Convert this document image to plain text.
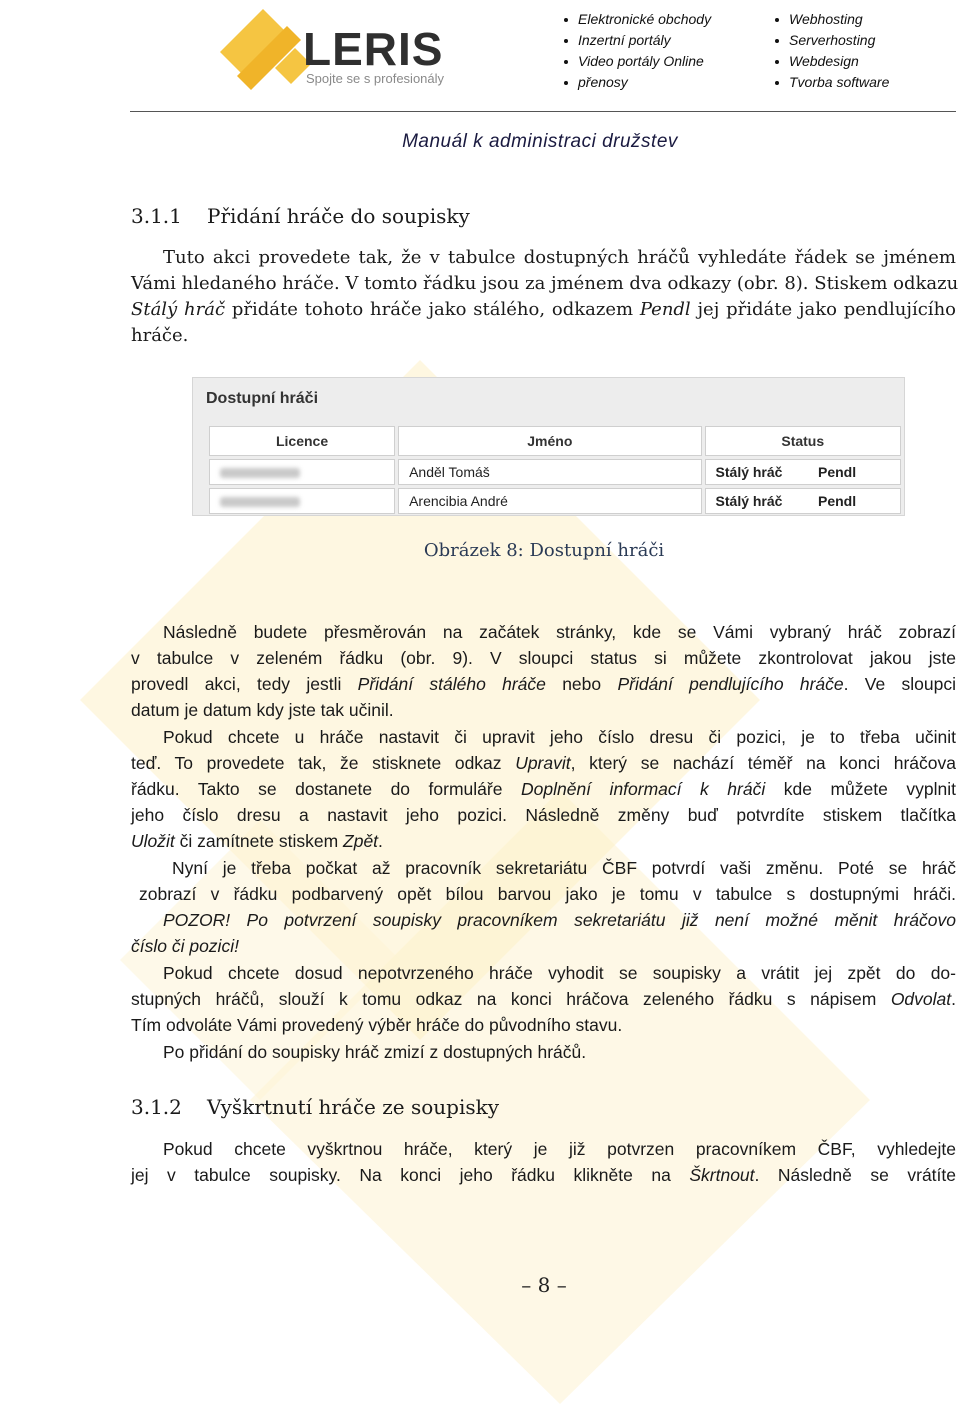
LERIS
Spojte se s profesionály
Elektronické obchody
Inzertní portály
Video portály Online
přenosy
Webhosting
Serverhosting
Webdesign
Tvorba software
Manuál k administraci družstev
3.1.1 Přidání hráče do soupisky
Tuto akci provedete tak, že v tabulce dostupných hráčů vyhledáte řádek se jménem
Vámi hledaného hráče. V tomto řádku jsou za jménem dva odkazy (obr. 8). Stiskem odkazu
Stálý hráč přidáte tohoto hráče jako stálého, odkazem Pendl jej přidáte jako pendlujícího
hráče.
Dostupní hráči
Licence	Jméno	Status
	Anděl Tomáš	Stálý hráč Pendl

	Arencibia André	Stálý hráč Pendl
Obrázek 8: Dostupní hráči
Následně budete přesměrován na začátek stránky, kde se Vámi vybraný hráč zobrazí
v tabulce v zeleném řádku (obr. 9). V sloupci status si můžete zkontrolovat jakou jste
provedl akci, tedy jestli Přidání stálého hráče nebo Přidání pendlujícího hráče. Ve sloupci
datum je datum kdy jste tak učinil.
Pokud chcete u hráče nastavit či upravit jeho číslo dresu či pozici, je to třeba učinit
teď. To provedete tak, že stisknete odkaz Upravit, který se nachází téměř na konci hráčova
řádku. Takto se dostanete do formuláře Doplnění informací k hráči kde můžete vyplnit
jeho číslo dresu a nastavit jeho pozici. Následně změny buď potvrdíte stiskem tlačítka
Uložit či zamítnete stiskem Zpět.
Nyní je třeba počkat až pracovník sekretariátu ČBF potvrdí vaši změnu. Poté se hráč
zobrazí v řádku podbarvený opět bílou barvou jako je tomu v tabulce s dostupnými hráči.
POZOR! Po potvrzení soupisky pracovníkem sekretariátu již není možné měnit hráčovo
číslo či pozici!
Pokud chcete dosud nepotvrzeného hráče vyhodit se soupisky a vrátit jej zpět do do-
stupných hráčů, slouží k tomu odkaz na konci hráčova zeleného řádku s nápisem Odvolat.
Tím odvoláte Vámi provedený výběr hráče do původního stavu.
Po přidání do soupisky hráč zmizí z dostupných hráčů.
3.1.2 Vyškrtnutí hráče ze soupisky
Pokud chcete vyškrtnou hráče, který je již potvrzen pracovníkem ČBF, vyhledejte
jej v tabulce soupisky. Na konci jeho řádku klikněte na Škrtnout. Následně se vrátíte
– 8 –
